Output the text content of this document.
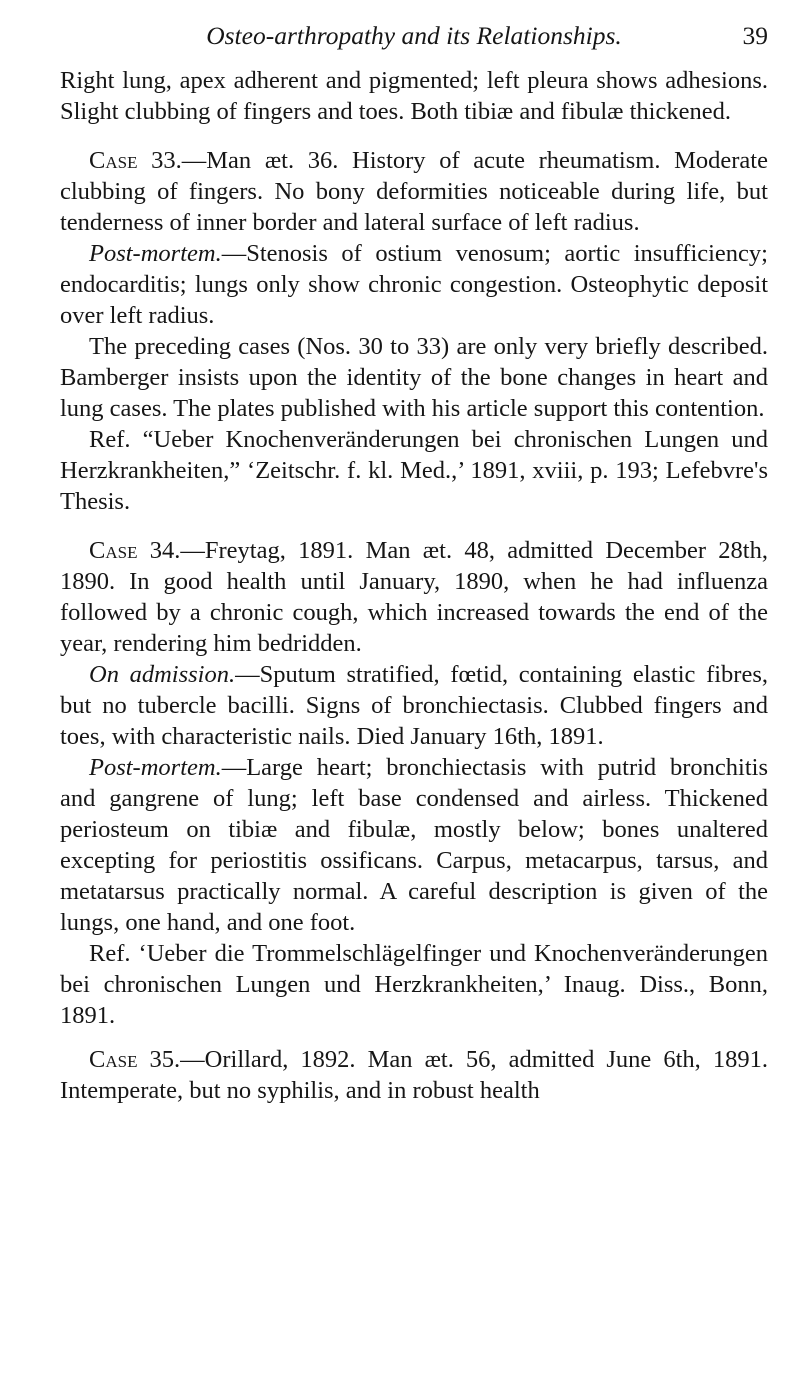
Osteo-arthropathy and its Relationships.	39

Right lung, apex adherent and pigmented; left pleura shows adhesions. Slight clubbing of fingers and toes. Both tibiæ and fibulæ thickened.

Case 33.—Man æt. 36. History of acute rheumatism. Moderate clubbing of fingers. No bony deformities noticeable during life, but tenderness of inner border and lateral surface of left radius.

Post-mortem.—Stenosis of ostium venosum; aortic insufficiency; endocarditis; lungs only show chronic congestion. Osteophytic deposit over left radius.

The preceding cases (Nos. 30 to 33) are only very briefly described. Bamberger insists upon the identity of the bone changes in heart and lung cases. The plates published with his article support this contention.

Ref. “Ueber Knochenveränderungen bei chronischen Lungen und Herzkrankheiten,” ‘Zeitschr. f. kl. Med.,’ 1891, xviii, p. 193; Lefebvre's Thesis.

Case 34.—Freytag, 1891. Man æt. 48, admitted December 28th, 1890. In good health until January, 1890, when he had influenza followed by a chronic cough, which increased towards the end of the year, rendering him bedridden.

On admission.—Sputum stratified, fœtid, containing elastic fibres, but no tubercle bacilli. Signs of bronchiectasis. Clubbed fingers and toes, with characteristic nails. Died January 16th, 1891.

Post-mortem.—Large heart; bronchiectasis with putrid bronchitis and gangrene of lung; left base condensed and airless. Thickened periosteum on tibiæ and fibulæ, mostly below; bones unaltered excepting for periostitis ossificans. Carpus, metacarpus, tarsus, and metatarsus practically normal. A careful description is given of the lungs, one hand, and one foot.

Ref. ‘Ueber die Trommelschlägelfinger und Knochenveränderungen bei chronischen Lungen und Herzkrankheiten,’ Inaug. Diss., Bonn, 1891.

Case 35.—Orillard, 1892. Man æt. 56, admitted June 6th, 1891. Intemperate, but no syphilis, and in robust health
